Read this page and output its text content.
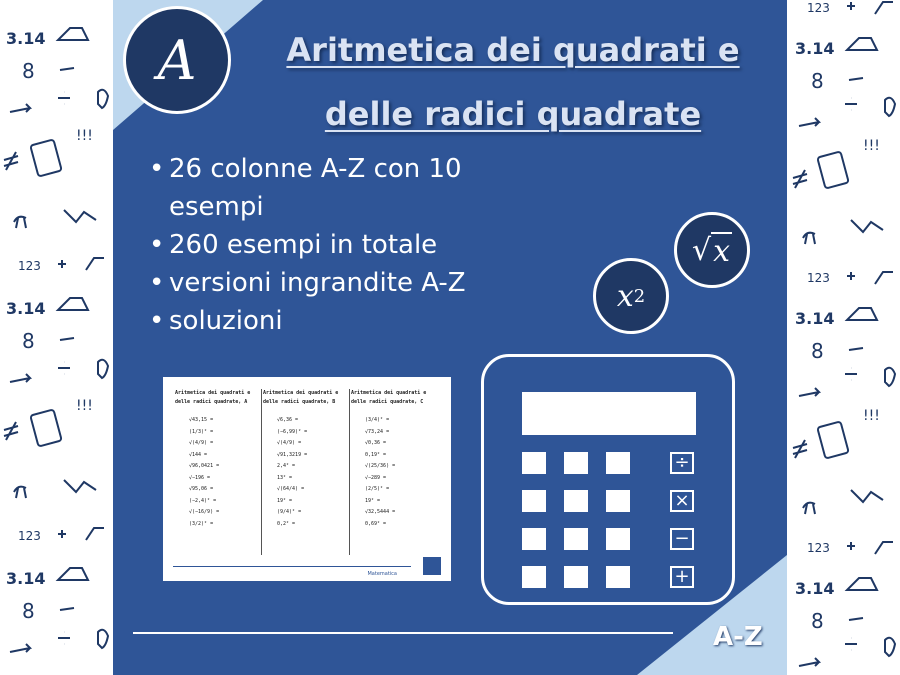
3.14
8
!!!
123
3.14
8
!!!
123
3.14
8
123
3.14
8
!!!
123
3.14
8
!!!
123
3.14
8
A	Aritmetica dei quadrati e
delle radici quadrate
• 26 colonne A-Z con 10 esempi
• 260 esempi in totale
• versioni ingrandite A-Z
• soluzioni
√ x
x 2
Aritmetica dei quadrati e delle radici quadrate, A
√43,15 =
(1/3)² =
√(4/9) =
√144 =
√96,0421 =
√−196 =
√95,06 =
(−2,4)² =
√(−16/9) =
(3/2)² =
Aritmetica dei quadrati e delle radici quadrate, B
√6,36 =
(−6,99)² =
√(4/9) =
√91,3219 =
2,4² =
13² =
√(64/4) =
19² =
(9/4)² =
0,2² =
Aritmetica dei quadrati e delle radici quadrate, C
(3/4)² =
√73,24 =
√0,36 =
0,19² =
√(25/36) =
√−289 =
(2/5)² =
19² =
√32,5444 =
0,69² =
Matematica
÷
×
−
+
A-Z
